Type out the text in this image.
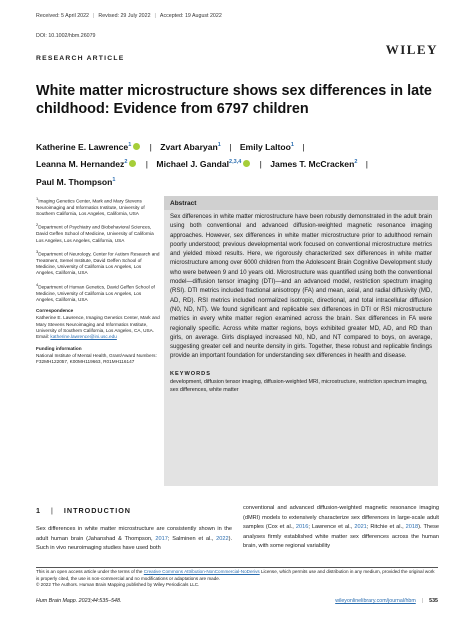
Received: 5 April 2022 | Revised: 29 July 2022 | Accepted: 19 August 2022
DOI: 10.1002/hbm.26079
WILEY
RESEARCH ARTICLE
White matter microstructure shows sex differences in late childhood: Evidence from 6797 children
Katherine E. Lawrence$^1$ | Zvart Abaryan$^1$ | Emily Laltoo$^1$ |
Leanna M. Hernandez$^2$ | Michael J. Gandal$^{2,3,4}$ | James T. McCracken$^2$ |
Paul M. Thompson$^1$

$^1$Imaging Genetics Center, Mark and Mary Stevens Neuroimaging and Informatics Institute, University of Southern California, Los Angeles, California, USA

$^2$Department of Psychiatry and Biobehavioral Sciences, David Geffen School of Medicine, University of California Los Angeles, Los Angeles, California, USA

$^3$Department of Neurology, Center for Autism Research and Treatment, Semel Institute, David Geffen School of Medicine, University of California Los Angeles, Los Angeles, California, USA

$^4$Department of Human Genetics, David Geffen School of Medicine, University of California Los Angeles, Los Angeles, California, USA

Correspondence

Katherine E. Lawrence, Imaging Genetics Center, Mark and Mary Stevens Neuroimaging and Informatics Institute, University of Southern California, Los Angeles, CA, USA.
Email: katherine.lawrence@ini.usc.edu

Funding information

National Institute of Mental Health, Grant/Award Numbers: F32MH122057, K00MH119663, R01MH116147

Abstract
Sex differences in white matter microstructure have been robustly demonstrated in the adult brain using both conventional and advanced diffusion-weighted magnetic resonance imaging approaches. However, sex differences in white matter microstructure prior to adulthood remain poorly understood; previous developmental work focused on conventional microstructure metrics and yielded mixed results. Here, we rigorously characterized sex differences in white matter microstructure among over 6000 children from the Adolescent Brain Cognitive Development study who were between 9 and 10 years old. Microstructure was quantified using both the conventional model—diffusion tensor imaging (DTI)—and an advanced model, restriction spectrum imaging (RSI). DTI metrics included fractional anisotropy (FA) and mean, axial, and radial diffusivity (MD, AD, RD). RSI metrics included normalized isotropic, directional, and total intracellular diffusion (N0, ND, NT). We found significant and replicable sex differences in DTI or RSI microstructure metrics in every white matter region examined across the brain. Sex differences in FA were regionally specific. Across white matter regions, boys exhibited greater MD, AD, and RD than girls, on average. Girls displayed increased N0, ND, and NT compared to boys, on average, suggesting greater cell and neurite density in girls. Together, these robust and replicable findings provide an important foundation for understanding sex differences in health and disease.
KEYWORDS
development, diffusion tensor imaging, diffusion-weighted MRI, microstructure, restriction spectrum imaging, sex differences, white matter
1 | INTRODUCTION
Sex differences in white matter microstructure are consistently shown in the adult human brain (Jahanshad & Thompson, 2017; Salminen et al., 2022). Such in vivo neuroimaging studies have used both
conventional and advanced diffusion-weighted magnetic resonance imaging (dMRI) models to extensively characterize sex differences in large-scale adult samples (Cox et al., 2016; Lawrence et al., 2021; Ritchie et al., 2018). These analyses firmly established white matter sex differences across the human brain, with some regional variability
This is an open access article under the terms of the Creative Commons Attribution-NonCommercial-NoDerivs License, which permits use and distribution in any medium, provided the original work is properly cited, the use is non-commercial and no modifications or adaptations are made.
© 2022 The Authors. Human Brain Mapping published by Wiley Periodicals LLC.
Hum Brain Mapp. 2023;44:535–548.	wileyonlinelibrary.com/journal/hbm | 535
